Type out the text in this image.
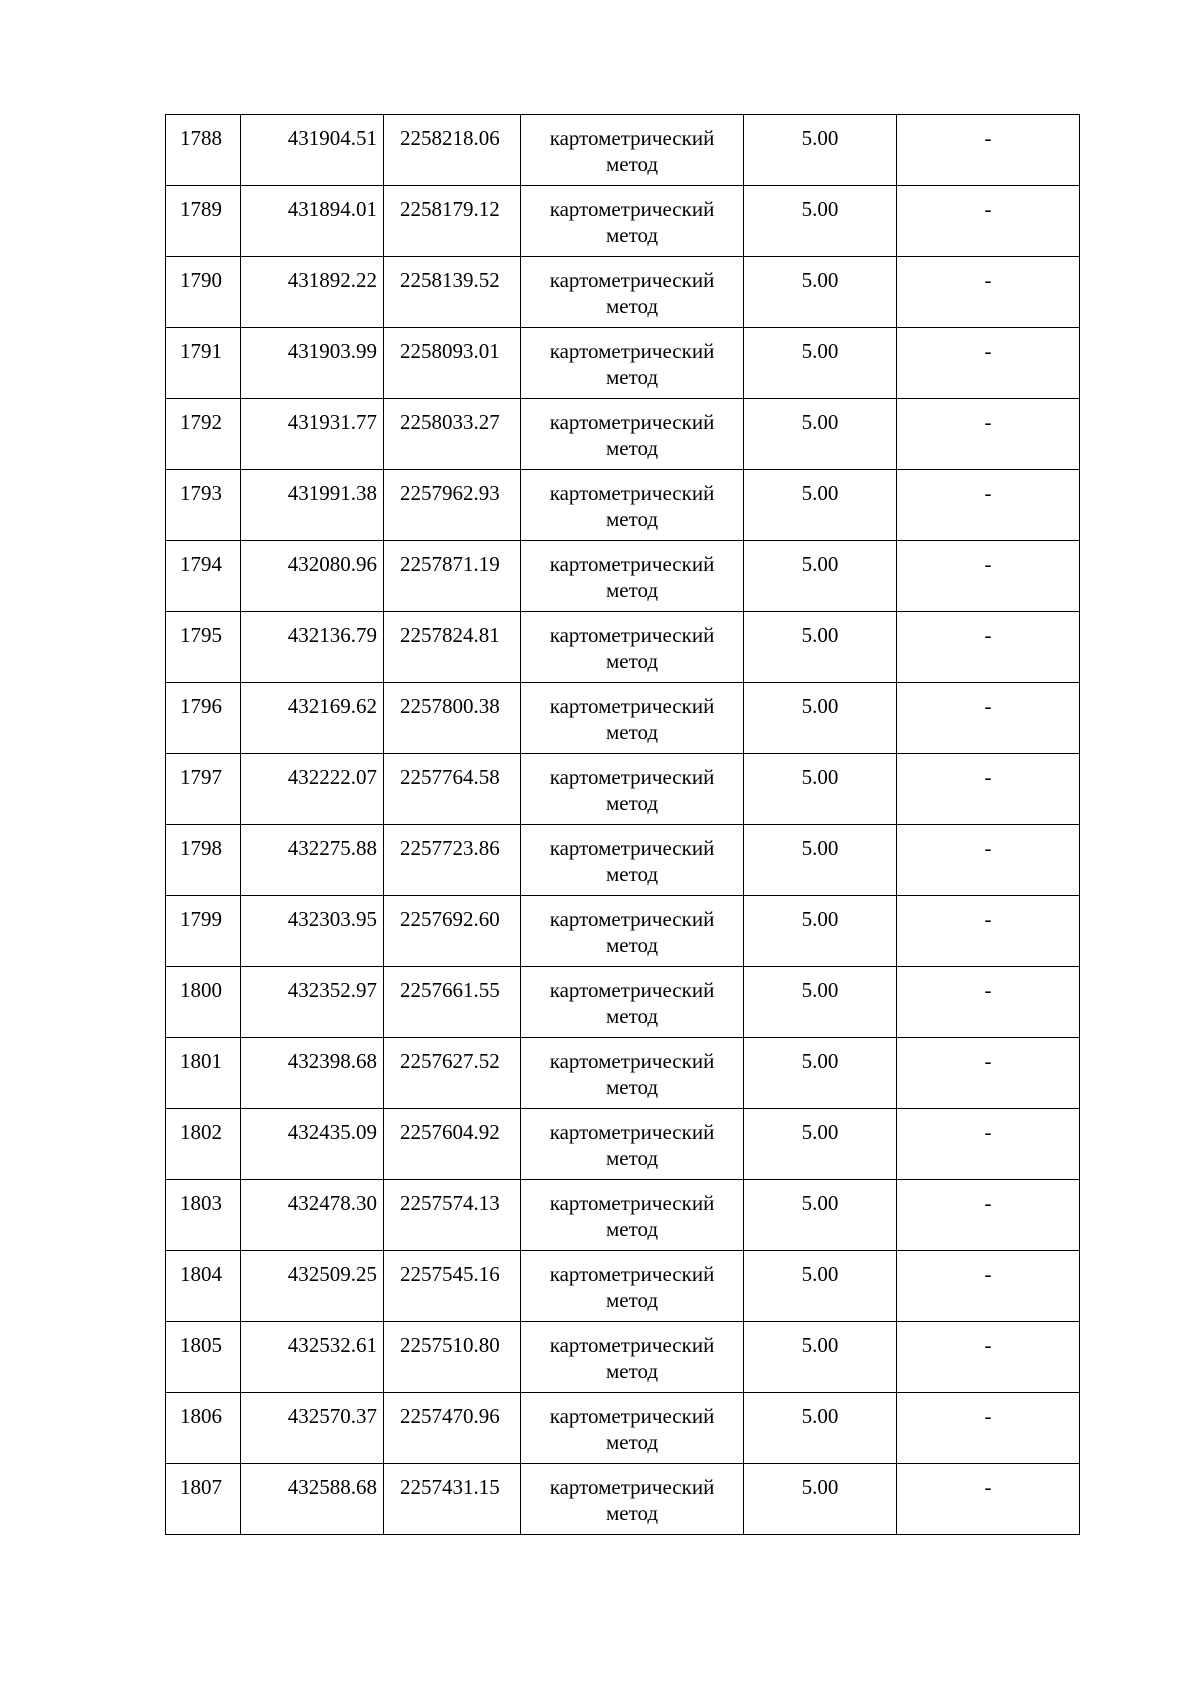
1788	431904.51	2258218.06	картометрический метод	5.00	-
1789	431894.01	2258179.12	картометрический метод	5.00	-
1790	431892.22	2258139.52	картометрический метод	5.00	-
1791	431903.99	2258093.01	картометрический метод	5.00	-
1792	431931.77	2258033.27	картометрический метод	5.00	-
1793	431991.38	2257962.93	картометрический метод	5.00	-
1794	432080.96	2257871.19	картометрический метод	5.00	-
1795	432136.79	2257824.81	картометрический метод	5.00	-
1796	432169.62	2257800.38	картометрический метод	5.00	-
1797	432222.07	2257764.58	картометрический метод	5.00	-
1798	432275.88	2257723.86	картометрический метод	5.00	-
1799	432303.95	2257692.60	картометрический метод	5.00	-
1800	432352.97	2257661.55	картометрический метод	5.00	-
1801	432398.68	2257627.52	картометрический метод	5.00	-
1802	432435.09	2257604.92	картометрический метод	5.00	-
1803	432478.30	2257574.13	картометрический метод	5.00	-
1804	432509.25	2257545.16	картометрический метод	5.00	-
1805	432532.61	2257510.80	картометрический метод	5.00	-
1806	432570.37	2257470.96	картометрический метод	5.00	-
1807	432588.68	2257431.15	картометрический метод	5.00	-
